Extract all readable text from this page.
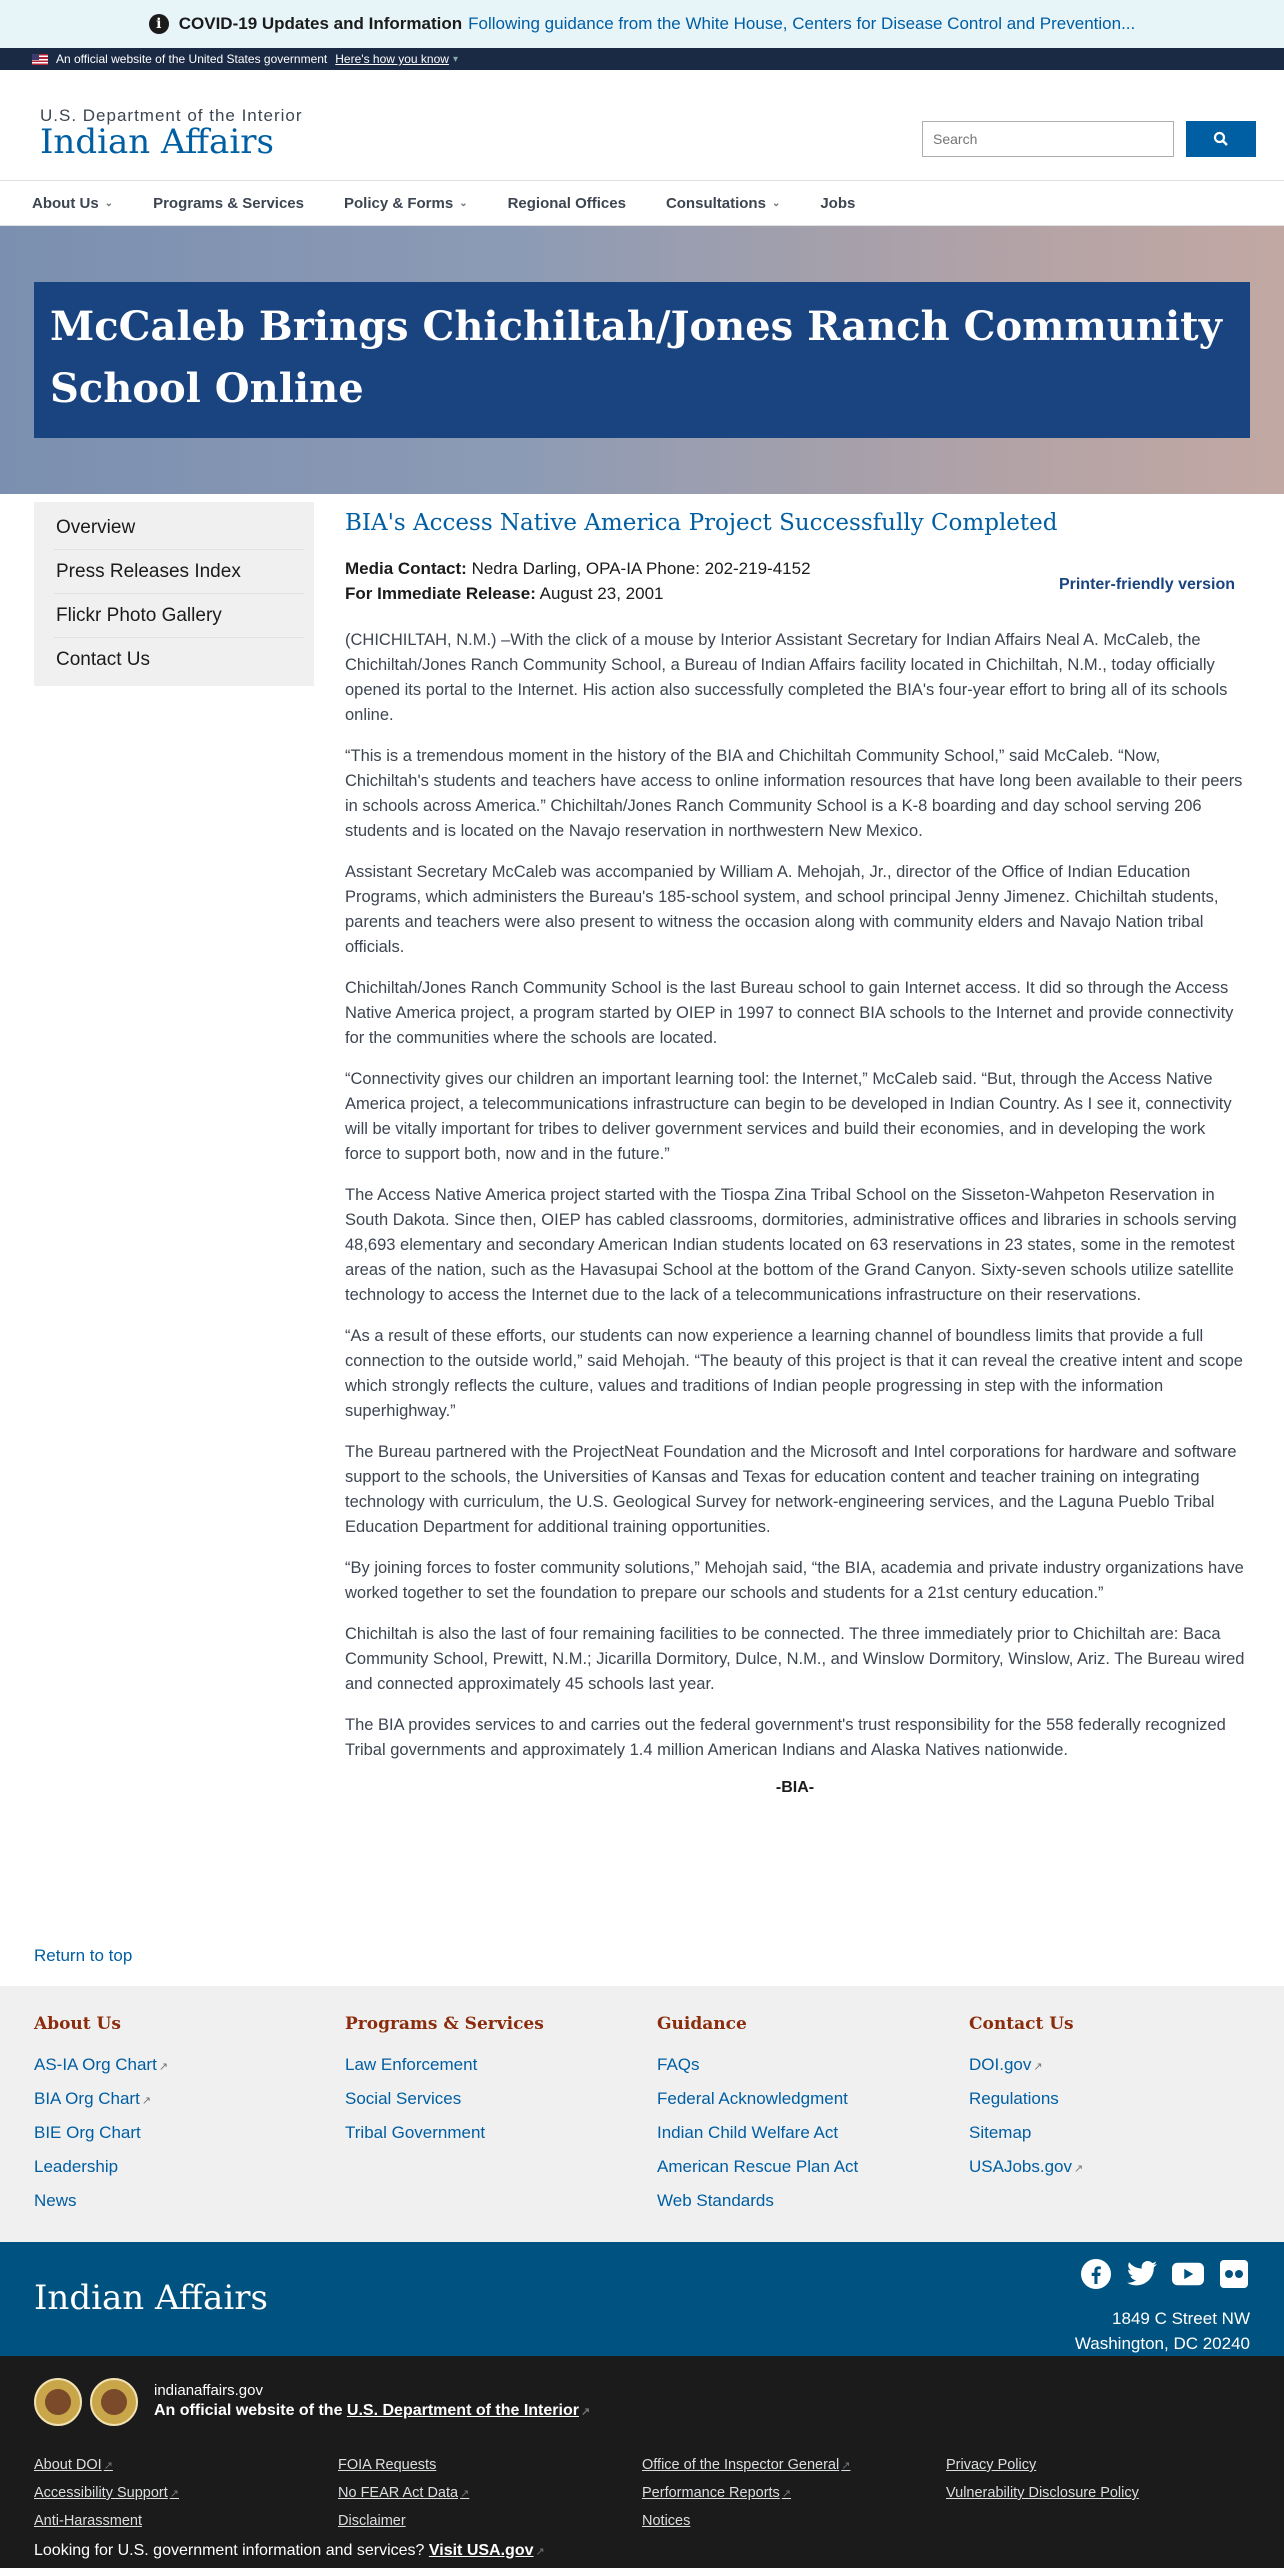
i	COVID-19 Updates and Information Following guidance from the White House, Centers for Disease Control and Prevention...
An official website of the United States government Here's how you know ▾
U.S. Department of the Interior
Indian Affairs
Search
About Us ⌄	Programs & Services	Policy & Forms ⌄	Regional Offices	Consultations ⌄	Jobs
McCaleb Brings Chichiltah/Jones Ranch Community School Online
Overview
Press Releases Index
Flickr Photo Gallery
Contact Us
BIA's Access Native America Project Successfully Completed
Media Contact: Nedra Darling, OPA-IA Phone: 202-219-4152
For Immediate Release: August 23, 2001	Printer-friendly version

(CHICHILTAH, N.M.) –With the click of a mouse by Interior Assistant Secretary for Indian Affairs Neal A. McCaleb, the Chichiltah/Jones Ranch Community School, a Bureau of Indian Affairs facility located in Chichiltah, N.M., today officially opened its portal to the Internet. His action also successfully completed the BIA's four-year effort to bring all of its schools online.

“This is a tremendous moment in the history of the BIA and Chichiltah Community School,” said McCaleb. “Now, Chichiltah's students and teachers have access to online information resources that have long been available to their peers in schools across America.” Chichiltah/Jones Ranch Community School is a K-8 boarding and day school serving 206 students and is located on the Navajo reservation in northwestern New Mexico.

Assistant Secretary McCaleb was accompanied by William A. Mehojah, Jr., director of the Office of Indian Education Programs, which administers the Bureau's 185-school system, and school principal Jenny Jimenez. Chichiltah students, parents and teachers were also present to witness the occasion along with community elders and Navajo Nation tribal officials.

Chichiltah/Jones Ranch Community School is the last Bureau school to gain Internet access. It did so through the Access Native America project, a program started by OIEP in 1997 to connect BIA schools to the Internet and provide connectivity for the communities where the schools are located.

“Connectivity gives our children an important learning tool: the Internet,” McCaleb said. “But, through the Access Native America project, a telecommunications infrastructure can begin to be developed in Indian Country. As I see it, connectivity will be vitally important for tribes to deliver government services and build their economies, and in developing the work force to support both, now and in the future.”

The Access Native America project started with the Tiospa Zina Tribal School on the Sisseton-Wahpeton Reservation in South Dakota. Since then, OIEP has cabled classrooms, dormitories, administrative offices and libraries in schools serving 48,693 elementary and secondary American Indian students located on 63 reservations in 23 states, some in the remotest areas of the nation, such as the Havasupai School at the bottom of the Grand Canyon. Sixty-seven schools utilize satellite technology to access the Internet due to the lack of a telecommunications infrastructure on their reservations.

“As a result of these efforts, our students can now experience a learning channel of boundless limits that provide a full connection to the outside world,” said Mehojah. “The beauty of this project is that it can reveal the creative intent and scope which strongly reflects the culture, values and traditions of Indian people progressing in step with the information superhighway.”

The Bureau partnered with the ProjectNeat Foundation and the Microsoft and Intel corporations for hardware and software support to the schools, the Universities of Kansas and Texas for education content and teacher training on integrating technology with curriculum, the U.S. Geological Survey for network-engineering services, and the Laguna Pueblo Tribal Education Department for additional training opportunities.

“By joining forces to foster community solutions,” Mehojah said, “the BIA, academia and private industry organizations have worked together to set the foundation to prepare our schools and students for a 21st century education.”

Chichiltah is also the last of four remaining facilities to be connected. The three immediately prior to Chichiltah are: Baca Community School, Prewitt, N.M.; Jicarilla Dormitory, Dulce, N.M., and Winslow Dormitory, Winslow, Ariz. The Bureau wired and connected approximately 45 schools last year.

The BIA provides services to and carries out the federal government's trust responsibility for the 558 federally recognized Tribal governments and approximately 1.4 million American Indians and Alaska Natives nationwide.

-BIA-
Return to top
About Us
AS-IA Org Chart ↗
BIA Org Chart ↗
BIE Org Chart
Leadership
News
Programs & Services
Law Enforcement
Social Services
Tribal Government
Guidance
FAQs
Federal Acknowledgment
Indian Child Welfare Act
American Rescue Plan Act
Web Standards
Contact Us
DOI.gov ↗
Regulations
Sitemap
USAJobs.gov ↗
Indian Affairs
1849 C Street NW
Washington, DC 20240
indianaffairs.gov
An official website of the U.S. Department of the Interior ↗
About DOI ↗	FOIA Requests	Office of the Inspector General ↗	Privacy Policy
Accessibility Support ↗	No FEAR Act Data ↗	Performance Reports ↗	Vulnerability Disclosure Policy
Anti-Harassment	Disclaimer	Notices
Looking for U.S. government information and services? Visit USA.gov ↗
